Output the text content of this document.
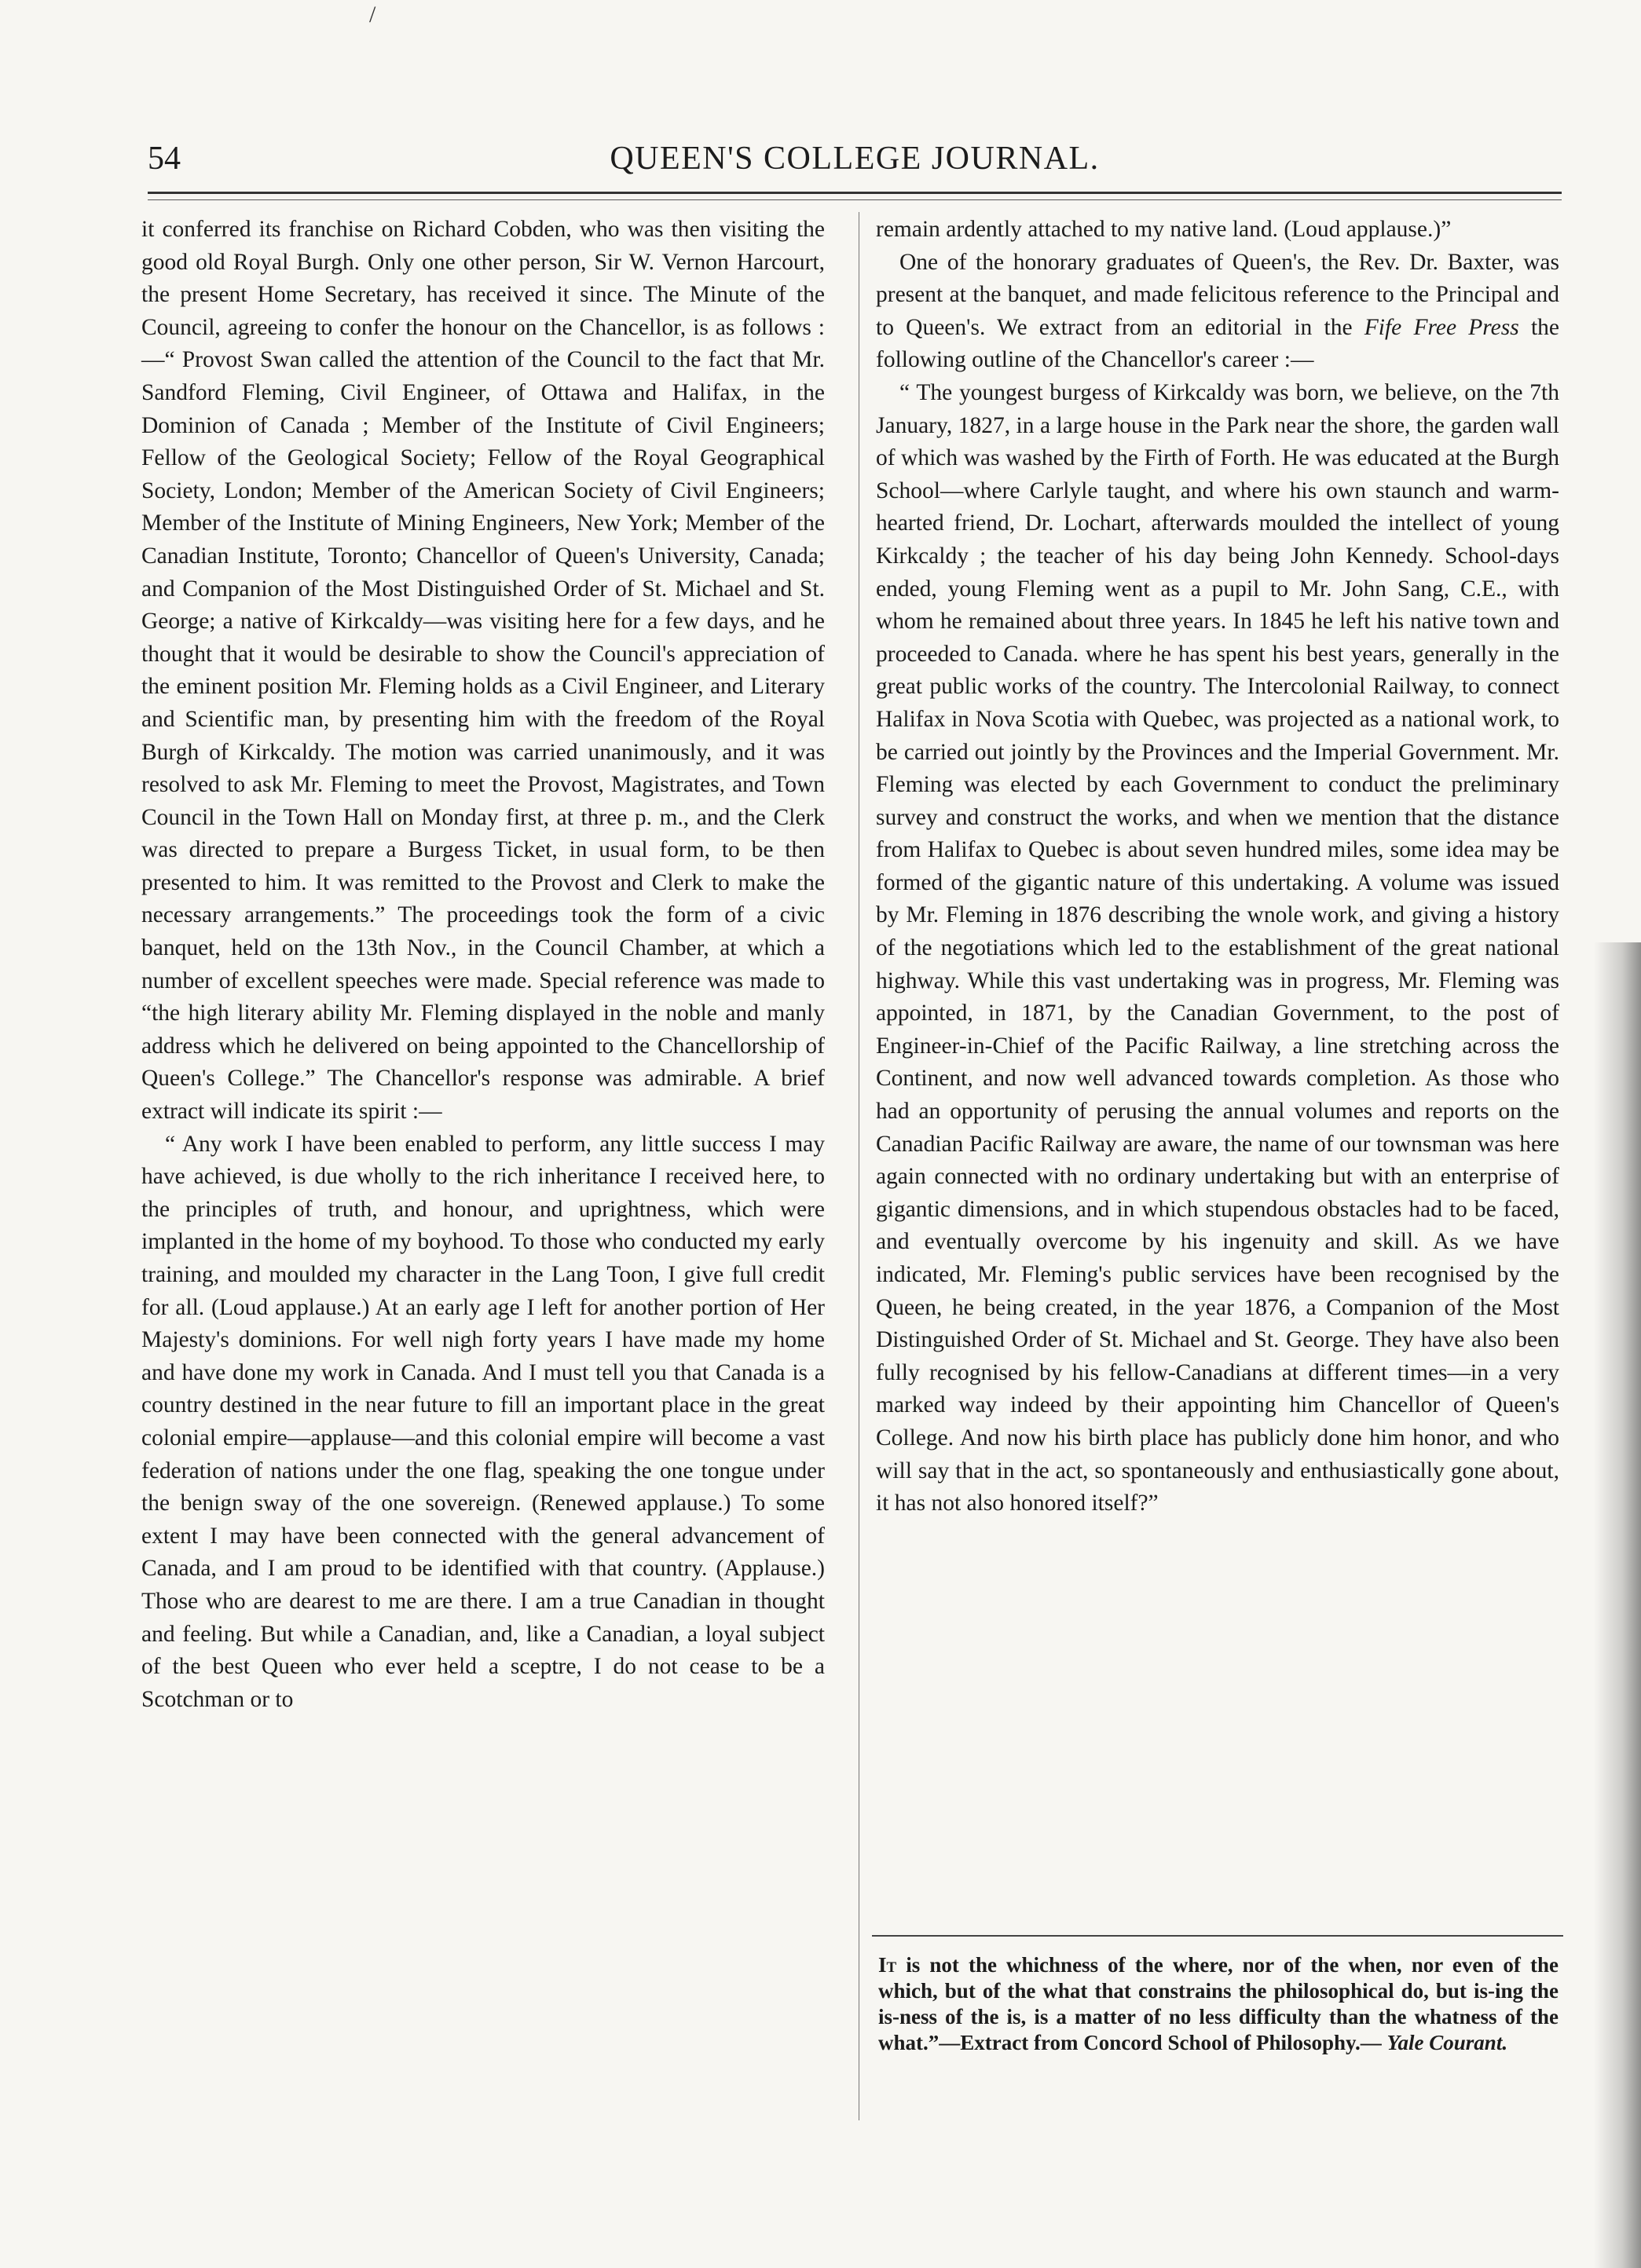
/
54	QUEEN'S COLLEGE JOURNAL.

it conferred its franchise on Richard Cobden, who was then visiting the good old Royal Burgh. Only one other person, Sir W. Vernon Harcourt, the present Home Secretary, has received it since. The Minute of the Council, agreeing to confer the honour on the Chancellor, is as follows :—“ Provost Swan called the attention of the Council to the fact that Mr. Sandford Fleming, Civil Engineer, of Ottawa and Halifax, in the Dominion of Canada ; Member of the Institute of Civil Engineers; Fellow of the Geological Society; Fellow of the Royal Geographical Society, London; Member of the American Society of Civil Engineers; Member of the Institute of Mining Engineers, New York; Member of the Canadian Institute, Toronto; Chancellor of Queen's University, Canada; and Companion of the Most Distinguished Order of St. Michael and St. George; a native of Kirkcaldy—was visiting here for a few days, and he thought that it would be desirable to show the Council's appreciation of the eminent position Mr. Fleming holds as a Civil Engineer, and Literary and Scientific man, by presenting him with the freedom of the Royal Burgh of Kirkcaldy. The motion was carried unanimously, and it was resolved to ask Mr. Fleming to meet the Provost, Magistrates, and Town Council in the Town Hall on Monday first, at three p. m., and the Clerk was directed to prepare a Burgess Ticket, in usual form, to be then presented to him. It was remitted to the Provost and Clerk to make the necessary arrangements.” The proceedings took the form of a civic banquet, held on the 13th Nov., in the Council Chamber, at which a number of excellent speeches were made. Special reference was made to “the high literary ability Mr. Fleming displayed in the noble and manly address which he delivered on being appointed to the Chancellorship of Queen's College.” The Chancellor's response was admirable. A brief extract will indicate its spirit :—

“ Any work I have been enabled to perform, any little success I may have achieved, is due wholly to the rich inheritance I received here, to the principles of truth, and honour, and uprightness, which were implanted in the home of my boyhood. To those who conducted my early training, and moulded my character in the Lang Toon, I give full credit for all. (Loud applause.) At an early age I left for another portion of Her Majesty's dominions. For well nigh forty years I have made my home and have done my work in Canada. And I must tell you that Canada is a country destined in the near future to fill an important place in the great colonial empire—applause—and this colonial empire will become a vast federation of nations under the one flag, speaking the one tongue under the benign sway of the one sovereign. (Renewed applause.) To some extent I may have been connected with the general advancement of Canada, and I am proud to be identified with that country. (Applause.) Those who are dearest to me are there. I am a true Canadian in thought and feeling. But while a Canadian, and, like a Canadian, a loyal subject of the best Queen who ever held a sceptre, I do not cease to be a Scotchman or to

remain ardently attached to my native land. (Loud applause.)”

One of the honorary graduates of Queen's, the Rev. Dr. Baxter, was present at the banquet, and made felicitous reference to the Principal and to Queen's. We extract from an editorial in the Fife Free Press the following outline of the Chancellor's career :—

“ The youngest burgess of Kirkcaldy was born, we believe, on the 7th January, 1827, in a large house in the Park near the shore, the garden wall of which was washed by the Firth of Forth. He was educated at the Burgh School—where Carlyle taught, and where his own staunch and warm-hearted friend, Dr. Lochart, afterwards moulded the intellect of young Kirkcaldy ; the teacher of his day being John Kennedy. School-days ended, young Fleming went as a pupil to Mr. John Sang, C.E., with whom he remained about three years. In 1845 he left his native town and proceeded to Canada. where he has spent his best years, generally in the great public works of the country. The Intercolonial Railway, to connect Halifax in Nova Scotia with Quebec, was projected as a national work, to be carried out jointly by the Provinces and the Imperial Government. Mr. Fleming was elected by each Government to conduct the preliminary survey and construct the works, and when we mention that the distance from Halifax to Quebec is about seven hundred miles, some idea may be formed of the gigantic nature of this undertaking. A volume was issued by Mr. Fleming in 1876 describing the wnole work, and giving a history of the negotiations which led to the establishment of the great national highway. While this vast undertaking was in progress, Mr. Fleming was appointed, in 1871, by the Canadian Government, to the post of Engineer-in-Chief of the Pacific Railway, a line stretching across the Continent, and now well advanced towards completion. As those who had an opportunity of perusing the annual volumes and reports on the Canadian Pacific Railway are aware, the name of our townsman was here again connected with no ordinary undertaking but with an enterprise of gigantic dimensions, and in which stupendous obstacles had to be faced, and eventually overcome by his ingenuity and skill. As we have indicated, Mr. Fleming's public services have been recognised by the Queen, he being created, in the year 1876, a Companion of the Most Distinguished Order of St. Michael and St. George. They have also been fully recognised by his fellow-Canadians at different times—in a very marked way indeed by their appointing him Chancellor of Queen's College. And now his birth place has publicly done him honor, and who will say that in the act, so spontaneously and enthusiastically gone about, it has not also honored itself?”

It is not the whichness of the where, nor of the when, nor even of the which, but of the what that constrains the philosophical do, but is-ing the is-ness of the is, is a matter of no less difficulty than the whatness of the what.”—Extract from Concord School of Philosophy.— Yale Courant.
